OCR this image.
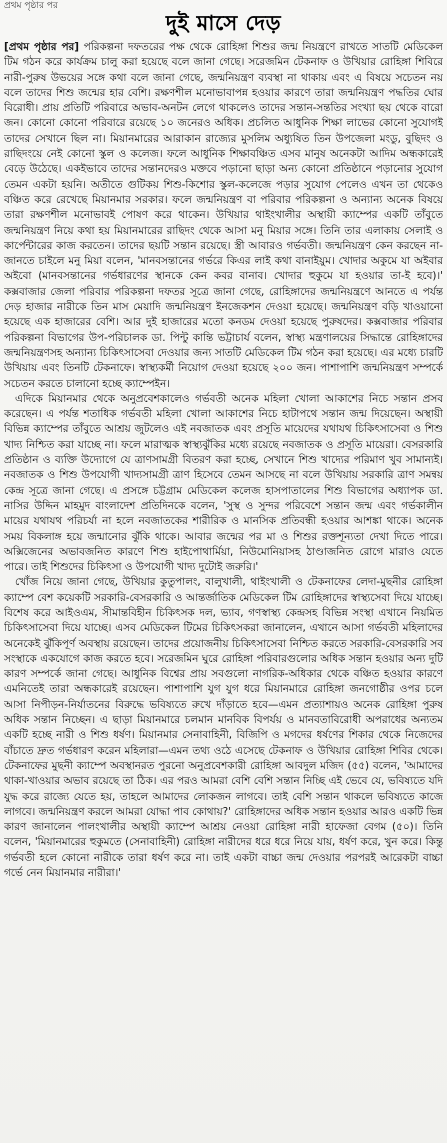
প্রথম পৃষ্ঠার পর
দুই মাসে দেড়

[প্রথম পৃষ্ঠার পর] পরিকল্পনা দফতরের পক্ষ থেকে রোহিঙ্গা শিশুর জন্ম নিয়ন্ত্রণে রাখতে সাতটি মেডিকেল টিম গঠন করে কার্যক্রম চালু করা হয়েছে বলে জানা গেছে। সরেজমিন টেকনাফ ও উখিয়ার রোহিঙ্গা শিবিরে নারী-পুরুষ উভয়ের সঙ্গে কথা বলে জানা গেছে, জন্মনিয়ন্ত্রণ ব্যবস্থা না থাকায় এবং এ বিষয়ে সচেতন নয় বলে তাদের শিশু জন্মের হার বেশি। রক্ষণশীল মনোভাবাপন্ন হওয়ার কারণে তারা জন্মনিয়ন্ত্রণ পদ্ধতির ঘোর বিরোধী। প্রায় প্রতিটি পরিবারে অভাব-অনটন লেগে থাকলেও তাদের সন্তান-সন্ততির সংখ্যা ছয় থেকে বারো জন। কোনো কোনো পরিবারে রয়েছে ১০ জনেরও অধিক। প্রচলিত আধুনিক শিক্ষা লাভের কোনো সুযোগই তাদের সেখানে ছিল না। মিয়ানমারের আরাকান রাজ্যের মুসলিম অধ্যুষিত তিন উপজেলা মংডু, বুছিদং ও রাছিদংয়ে নেই কোনো স্কুল ও কলেজ। ফলে আধুনিক শিক্ষাবঞ্চিত এসব মানুষ অনেকটা আদিম অন্ধকারেই বেড়ে উঠেছে। একইভাবে তাদের সন্তানদেরও মক্তবে পড়ানো ছাড়া অন্য কোনো প্রতিষ্ঠানে পড়ানোর সুযোগ তেমন একটা হয়নি। অতীতে গুটিকয় শিশু-কিশোর স্কুল-কলেজে পড়ার সুযোগ পেলেও এখন তা থেকেও বঞ্চিত করে রেখেছে মিয়ানমার সরকার। ফলে জন্মনিয়ন্ত্রণ বা পরিবার পরিকল্পনা ও অন্যান্য অনেক বিষয়ে তারা রক্ষণশীল মনোভাবই পোষণ করে থাকেন। উখিয়ার থাইংখালীর অস্থায়ী ক্যাম্পের একটি তাঁবুতে জন্মনিয়ন্ত্রণ নিয়ে কথা হয় মিয়ানমারের রাছিদং থেকে আসা মনু মিয়ার সঙ্গে। তিনি তার এলাকায় সেলাই ও কার্পেন্টারের কাজ করতেন। তাদের ছয়টি সন্তান রয়েছে। স্ত্রী আবারও গর্ভবতী। জন্মনিয়ন্ত্রণ কেন করছেন না-জানতে চাইলে মনু মিয়া বলেন, 'মানবসন্তানের গর্ভরে কিএর লাই কথা বানাইয়ুম। খোদার অকুমে যা অইবার অইবো (মানবসন্তানের গর্ভধারণের স্থানকে কেন কবর বানাব। খোদার হুকুমে যা হওয়ার তা-ই হবে)।' কক্সবাজার জেলা পরিবার পরিকল্পনা দফতর সূত্রে জানা গেছে, রোহিঙ্গাদের জন্মনিয়ন্ত্রণে আনতে এ পর্যন্ত দেড় হাজার নারীকে তিন মাস মেয়াদি জন্মনিয়ন্ত্রণ ইনজেকশন দেওয়া হয়েছে। জন্মনিয়ন্ত্রণ বড়ি খাওয়ানো হয়েছে এক হাজারের বেশি। আর দুই হাজারের মতো কনডম দেওয়া হয়েছে পুরুষদের। কক্সবাজার পরিবার পরিকল্পনা বিভাগের উপ-পরিচালক ডা. পিন্টু কান্তি ভট্টাচার্য বলেন, স্বাস্থ্য মন্ত্রণালয়ের সিদ্ধান্তে রোহিঙ্গাদের জন্মনিয়ন্ত্রণসহ অন্যান্য চিকিৎসাসেবা দেওয়ার জন্য সাতটি মেডিকেল টিম গঠন করা হয়েছে। এর মধ্যে চারটি উখিয়ায় এবং তিনটি টেকনাফে। স্বাস্থ্যকর্মী নিয়োগ দেওয়া হয়েছে ২০০ জন। পাশাপাশি জন্মনিয়ন্ত্রণ সম্পর্কে সচেতন করতে চালানো হচ্ছে ক্যাম্পেইন।

এদিকে মিয়ানমার থেকে অনুপ্রবেশকালেও গর্ভবতী অনেক মহিলা খোলা আকাশের নিচে সন্তান প্রসব করেছেন। এ পর্যন্ত শতাধিক গর্ভবতী মহিলা খোলা আকাশের নিচে হাটাপথে সন্তান জন্ম দিয়েছেন। অস্থায়ী বিভিন্ন ক্যাম্পের তাঁবুতে আশ্রয় জুটলেও এই নবজাতক এবং প্রসূতি মায়েদের যথাযথ চিকিৎসাসেবা ও শিশু খাদ্য নিশ্চিত করা যাচ্ছে না। ফলে মারাত্মক স্বাস্থ্যঝুঁকির মধ্যে রয়েছে নবজাতক ও প্রসূতি মায়েরা। বেসরকারি প্রতিষ্ঠান ও ব্যক্তি উদ্যোগে যে ত্রাণসামগ্রী বিতরণ করা হচ্ছে, সেখানে শিশু খাদ্যের পরিমাণ খুব সামান্যই। নবজাতক ও শিশু উপযোগী খাদ্যসামগ্রী ত্রাণ হিসেবে তেমন আসছে না বলে উখিয়ায় সরকারি ত্রাণ সমন্বয় কেন্দ্র সূত্রে জানা গেছে। এ প্রসঙ্গে চট্টগ্রাম মেডিকেল কলেজ হাসপাতালের শিশু বিভাগের অধ্যাপক ডা. নাসির উদ্দিন মাহমুদ বাংলাদেশ প্রতিদিনকে বলেন, 'সুস্থ ও সুন্দর পরিবেশে সন্তান জন্ম এবং গর্ভকালীন মায়ের যথাযথ পরিচর্যা না হলে নবজাতকের শারীরিক ও মানসিক প্রতিবন্ধী হওয়ার আশঙ্কা থাকে। অনেক সময় বিকলাঙ্গ হয়ে জন্মানোর ঝুঁকি থাকে। আবার জন্মের পর মা ও শিশুর রক্তশূন্যতা দেখা দিতে পারে। অক্সিজেনের অভাবজনিত কারণে শিশু হাইপোথার্মিয়া, নিউমোনিয়াসহ ঠাণ্ডাজনিত রোগে মারাও যেতে পারে। তাই শিশুদের চিকিৎসা ও উপযোগী খাদ্য দুটোই জরুরি।'

খোঁজ নিয়ে জানা গেছে, উখিয়ার কুতুপালং, বালুখালী, থাইংখালী ও টেকনাফের লেদা-মুছনীর রোহিঙ্গা ক্যাম্পে বেশ কয়েকটি সরকারি-বেসরকারি ও আন্তর্জাতিক মেডিকেল টিম রোহিঙ্গাদের স্বাস্থ্যসেবা দিয়ে যাচ্ছে। বিশেষ করে আইওএম, সীমান্তবিহীন চিকিৎসক দল, ভ্যাব, গণস্বাস্থ্য কেন্দ্রসহ বিভিন্ন সংস্থা এখানে নিয়মিত চিকিৎসাসেবা দিয়ে যাচ্ছে। এসব মেডিকেল টিমের চিকিৎসকরা জানালেন, এখানে আসা গর্ভবতী মহিলাদের অনেকেই ঝুঁকিপূর্ণ অবস্থায় রয়েছেন। তাদের প্রয়োজনীয় চিকিৎসাসেবা নিশ্চিত করতে সরকারি-বেসরকারি সব সংস্থাকে একযোগে কাজ করতে হবে। সরেজমিন ঘুরে রোহিঙ্গা পরিবারগুলোর অধিক সন্তান হওয়ার অন্য দুটি কারণ সম্পর্কে জানা গেছে। আধুনিক বিশ্বের প্রায় সবগুলো নাগরিক-অধিকার থেকে বঞ্চিত হওয়ার কারণে এমনিতেই তারা অন্ধকারেই রয়েছেন। পাশাপাশি যুগ যুগ ধরে মিয়ানমারে রোহিঙ্গা জনগোষ্ঠীর ওপর চলে আসা নিপীড়ন-নির্যাতনের বিরুদ্ধে ভবিষ্যতে রুখে দাঁড়াতে হবে—এমন প্রত্যাশায়ও অনেক রোহিঙ্গা পুরুষ অধিক সন্তান নিচ্ছেন। এ ছাড়া মিয়ানমারে চলমান মানবিক বিপর্যয় ও মানবতাবিরোধী অপরাধের অন্যতম একটি হচ্ছে নারী ও শিশু ধর্ষণ। মিয়ানমার সেনাবাহিনী, বিজিপি ও মগদের ধর্ষণের শিকার থেকে নিজেদের বাঁচাতে দ্রুত গর্ভধারণ করেন মহিলারা—এমন তথ্য ওঠে এসেছে টেকনাফ ও উখিয়ার রোহিঙ্গা শিবির থেকে। টেকনাফের মুছনী ক্যাম্পে অবস্থানরত পুরনো অনুপ্রবেশকারী রোহিঙ্গা আবদুল মজিদ (৫৫) বলেন, 'আমাদের থাকা-খাওয়ার অভাব রয়েছে তা ঠিক। এর পরও আমরা বেশি বেশি সন্তান নিচ্ছি এই ভেবে যে, ভবিষ্যতে যদি যুদ্ধ করে রাজ্যে যেতে হয়, তাহলে আমাদের লোকজন লাগবে। তাই বেশি সন্তান থাকলে ভবিষ্যতে কাজে লাগবে। জন্মনিয়ন্ত্রণ করলে আমরা যোদ্ধা পাব কোথায়?' রোহিঙ্গাদের অধিক সন্তান হওয়ার আরও একটি ভিন্ন কারণ জানালেন পালংখালীর অস্থায়ী ক্যাম্পে আশ্রয় নেওয়া রোহিঙ্গা নারী হাফেজা বেগম (৫০)। তিনি বলেন, 'মিয়ানমারের হুকুমতে (সেনাবাহিনী) রোহিঙ্গা নারীদের ধরে ধরে নিয়ে যায়, ধর্ষণ করে, খুন করে। কিন্তু গর্ভবতী হলে কোনো নারীকে তারা ধর্ষণ করে না। তাই একটা বাচ্চা জন্ম দেওয়ার পরপরই আরেকটা বাচ্চা গর্ভে নেন মিয়ানমার নারীরা।'
